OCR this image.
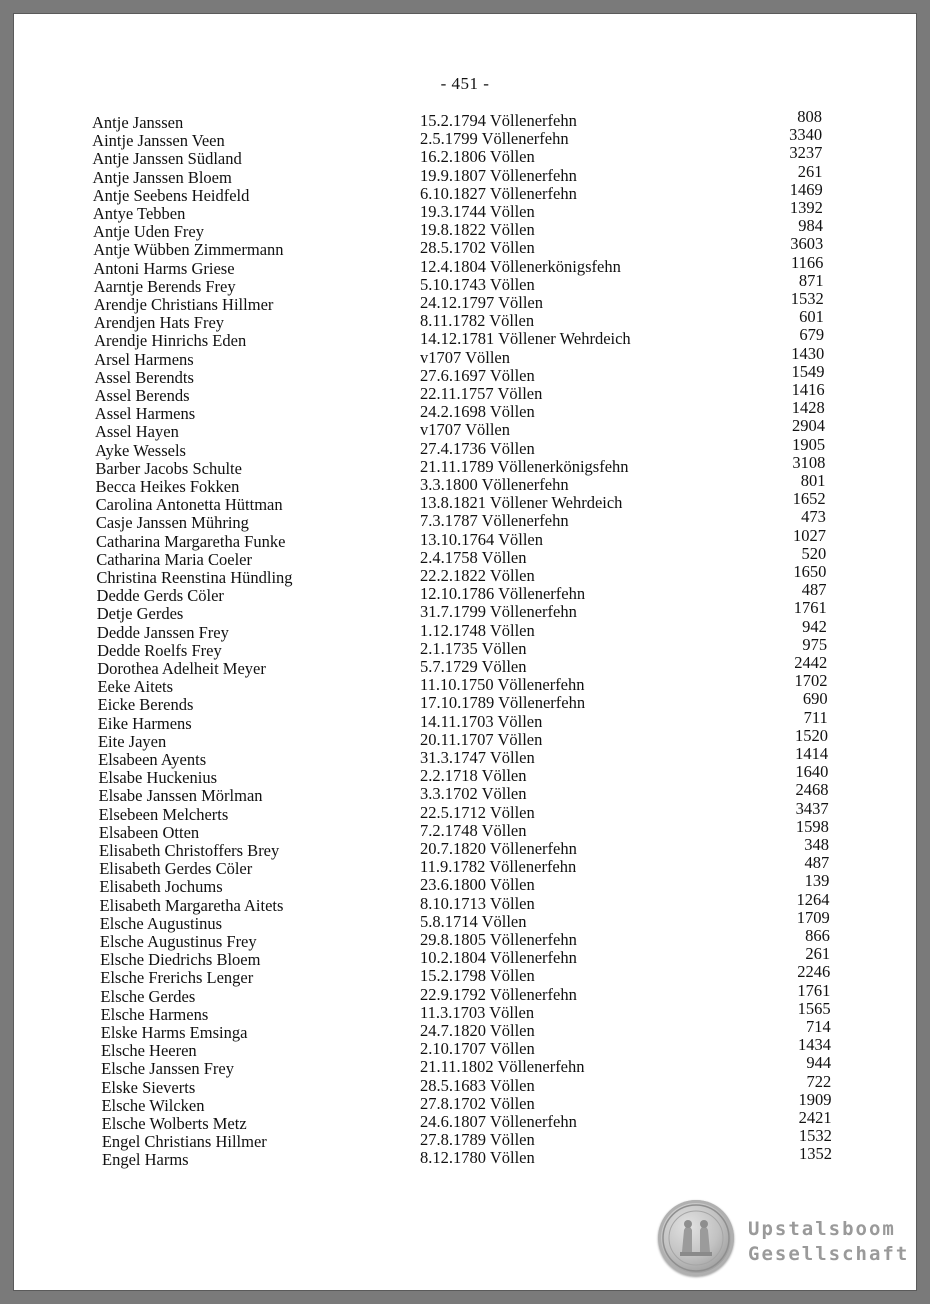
- 451 -
Antje Janssen	15.2.1794 Völlenerfehn	808
Aintje Janssen Veen	2.5.1799 Völlenerfehn	3340
Antje Janssen Südland	16.2.1806 Völlen	3237
Antje Janssen Bloem	19.9.1807 Völlenerfehn	261
Antje Seebens Heidfeld	6.10.1827 Völlenerfehn	1469
Antye Tebben	19.3.1744 Völlen	1392
Antje Uden Frey	19.8.1822 Völlen	984
Antje Wübben Zimmermann	28.5.1702 Völlen	3603
Antoni Harms Griese	12.4.1804 Völlenerkönigsfehn	1166
Aarntje Berends Frey	5.10.1743 Völlen	871
Arendje Christians Hillmer	24.12.1797 Völlen	1532
Arendjen Hats Frey	8.11.1782 Völlen	601
Arendje Hinrichs Eden	14.12.1781 Völlener Wehrdeich	679
Arsel Harmens	v1707 Völlen	1430
Assel Berendts	27.6.1697 Völlen	1549
Assel Berends	22.11.1757 Völlen	1416
Assel Harmens	24.2.1698 Völlen	1428
Assel Hayen	v1707 Völlen	2904
Ayke Wessels	27.4.1736 Völlen	1905
Barber Jacobs Schulte	21.11.1789 Völlenerkönigsfehn	3108
Becca Heikes Fokken	3.3.1800 Völlenerfehn	801
Carolina Antonetta Hüttman	13.8.1821 Völlener Wehrdeich	1652
Casje Janssen Mühring	7.3.1787 Völlenerfehn	473
Catharina Margaretha Funke	13.10.1764 Völlen	1027
Catharina Maria Coeler	2.4.1758 Völlen	520
Christina Reenstina Hündling	22.2.1822 Völlen	1650
Dedde Gerds Cöler	12.10.1786 Völlenerfehn	487
Detje Gerdes	31.7.1799 Völlenerfehn	1761
Dedde Janssen Frey	1.12.1748 Völlen	942
Dedde Roelfs Frey	2.1.1735 Völlen	975
Dorothea Adelheit Meyer	5.7.1729 Völlen	2442
Eeke Aitets	11.10.1750 Völlenerfehn	1702
Eicke Berends	17.10.1789 Völlenerfehn	690
Eike Harmens	14.11.1703 Völlen	711
Eite Jayen	20.11.1707 Völlen	1520
Elsabeen Ayents	31.3.1747 Völlen	1414
Elsabe Huckenius	2.2.1718 Völlen	1640
Elsabe Janssen Mörlman	3.3.1702 Völlen	2468
Elsebeen Melcherts	22.5.1712 Völlen	3437
Elsabeen Otten	7.2.1748 Völlen	1598
Elisabeth Christoffers Brey	20.7.1820 Völlenerfehn	348
Elisabeth Gerdes Cöler	11.9.1782 Völlenerfehn	487
Elisabeth Jochums	23.6.1800 Völlen	139
Elisabeth Margaretha Aitets	8.10.1713 Völlen	1264
Elsche Augustinus	5.8.1714 Völlen	1709
Elsche Augustinus Frey	29.8.1805 Völlenerfehn	866
Elsche Diedrichs Bloem	10.2.1804 Völlenerfehn	261
Elsche Frerichs Lenger	15.2.1798 Völlen	2246
Elsche Gerdes	22.9.1792 Völlenerfehn	1761
Elsche Harmens	11.3.1703 Völlen	1565
Elske Harms Emsinga	24.7.1820 Völlen	714
Elsche Heeren	2.10.1707 Völlen	1434
Elsche Janssen Frey	21.11.1802 Völlenerfehn	944
Elske Sieverts	28.5.1683 Völlen	722
Elsche Wilcken	27.8.1702 Völlen	1909
Elsche Wolberts Metz	24.6.1807 Völlenerfehn	2421
Engel Christians Hillmer	27.8.1789 Völlen	1532
Engel Harms	8.12.1780 Völlen	1352
Upstalsboom
Gesellschaft
